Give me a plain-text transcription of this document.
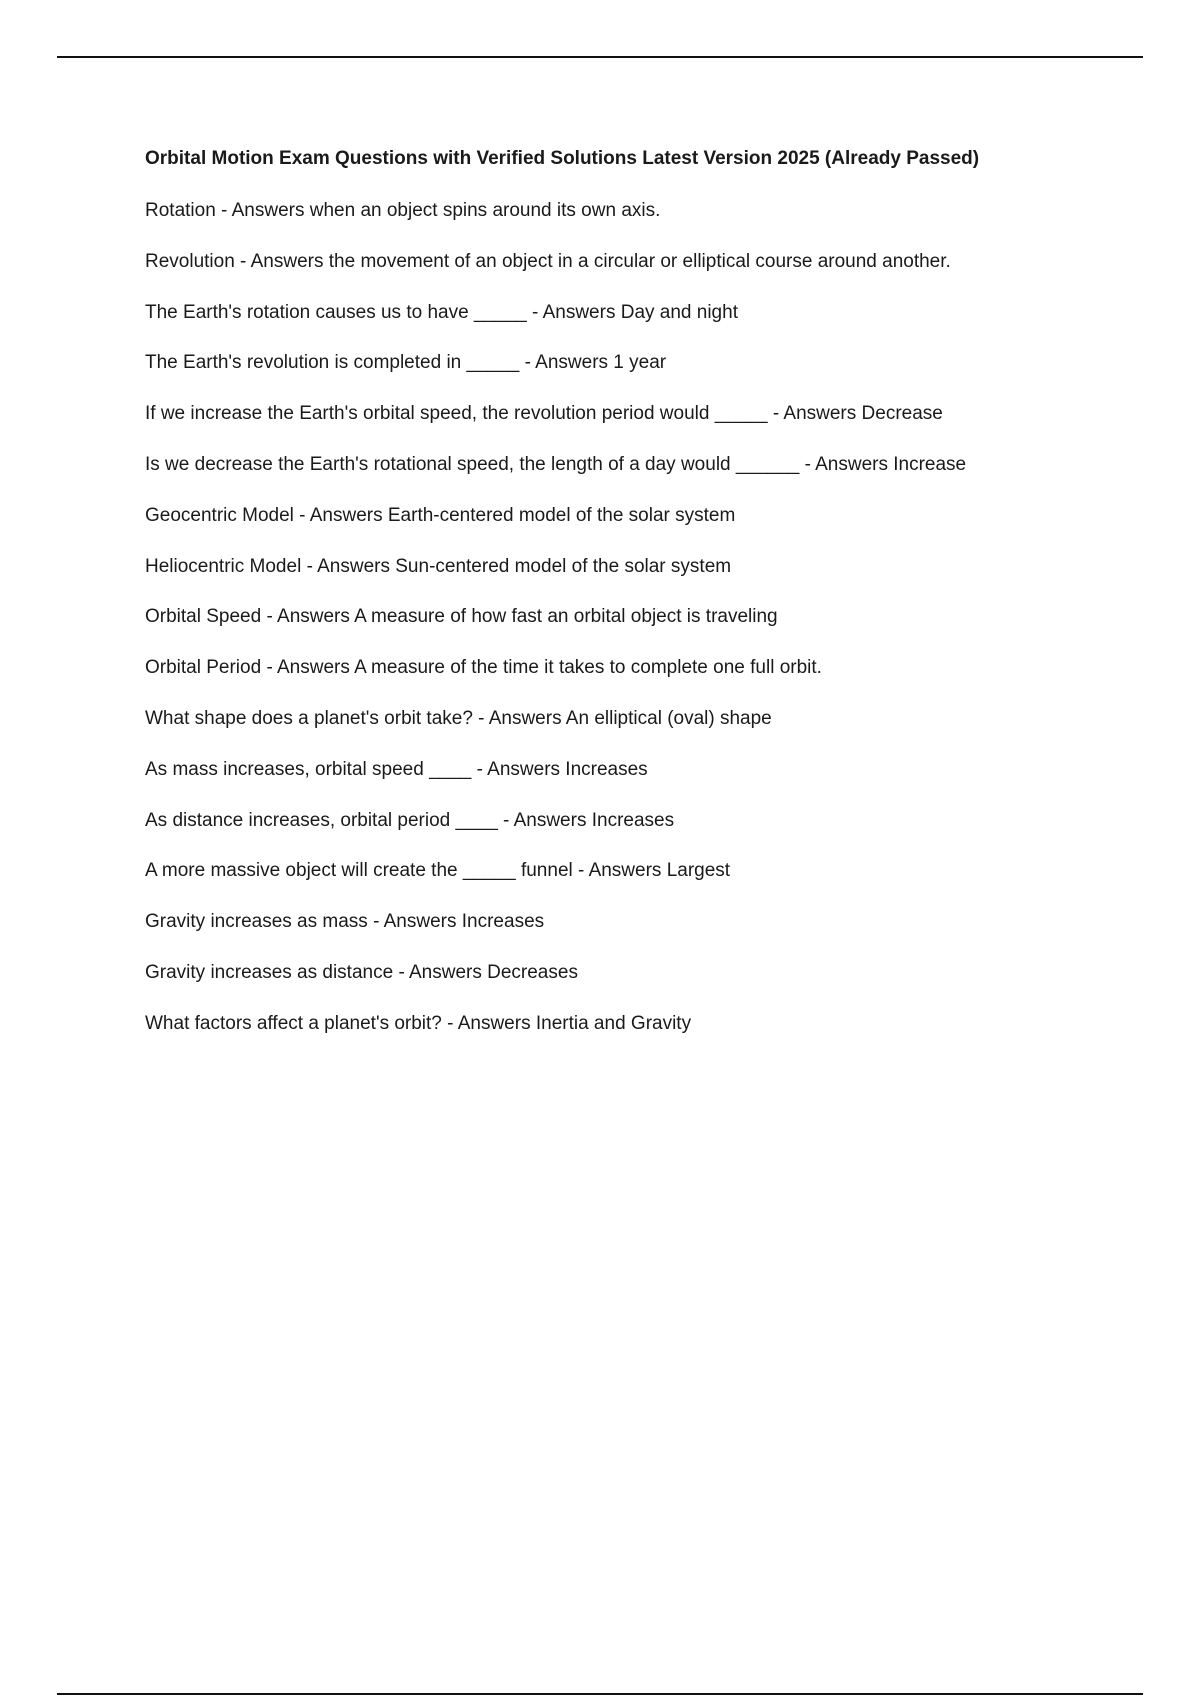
Orbital Motion Exam Questions with Verified Solutions Latest Version 2025 (Already Passed)
Rotation - Answers when an object spins around its own axis.
Revolution - Answers the movement of an object in a circular or elliptical course around another.
The Earth's rotation causes us to have _____ - Answers Day and night
The Earth's revolution is completed in _____ - Answers 1 year
If we increase the Earth's orbital speed, the revolution period would _____ - Answers Decrease
Is we decrease the Earth's rotational speed, the length of a day would ______ - Answers Increase
Geocentric Model - Answers Earth-centered model of the solar system
Heliocentric Model - Answers Sun-centered model of the solar system
Orbital Speed - Answers A measure of how fast an orbital object is traveling
Orbital Period - Answers A measure of the time it takes to complete one full orbit.
What shape does a planet's orbit take? - Answers An elliptical (oval) shape
As mass increases, orbital speed ____ - Answers Increases
As distance increases, orbital period ____ - Answers Increases
A more massive object will create the _____ funnel - Answers Largest
Gravity increases as mass - Answers Increases
Gravity increases as distance - Answers Decreases
What factors affect a planet's orbit? - Answers Inertia and Gravity
